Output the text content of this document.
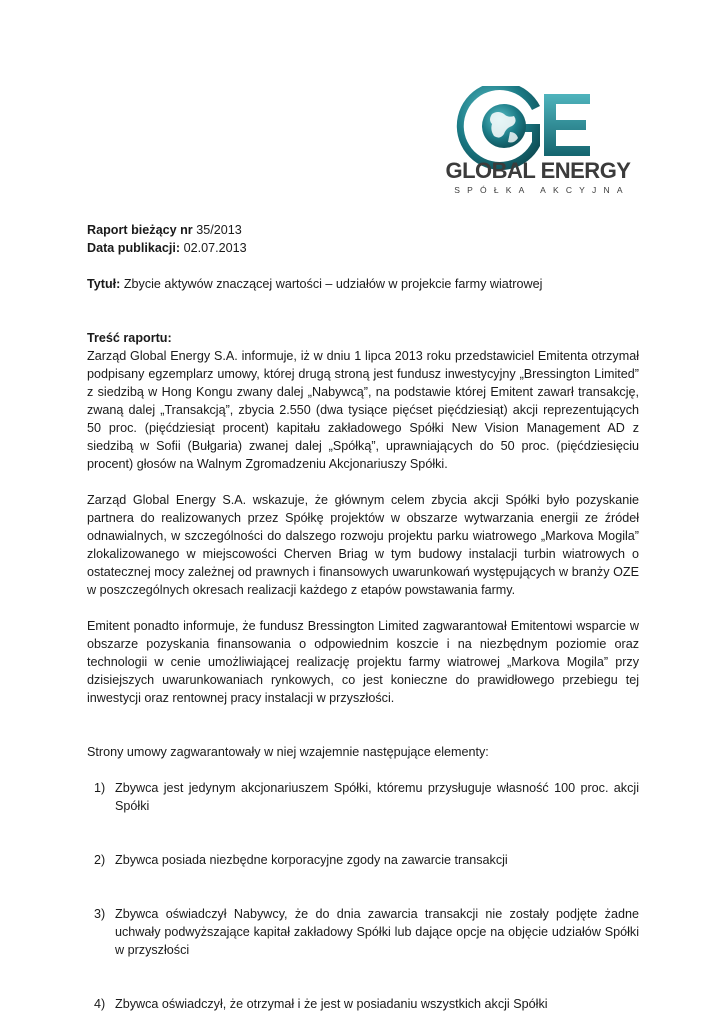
GLOBAL ENERGY
SPÓŁKA AKCYJNA
Raport bieżący nr 35/2013
Data publikacji: 02.07.2013
Tytuł: Zbycie aktywów znaczącej wartości – udziałów w projekcie farmy wiatrowej
Treść raportu:

Zarząd Global Energy S.A. informuje, iż w dniu 1 lipca 2013 roku przedstawiciel Emitenta otrzymał podpisany egzemplarz umowy, której drugą stroną jest fundusz inwestycyjny „Bressington Limited” z siedzibą w Hong Kongu zwany dalej „Nabywcą”, na podstawie której Emitent zawarł transakcję, zwaną dalej „Transakcją”, zbycia 2.550 (dwa tysiące pięćset pięćdziesiąt) akcji reprezentujących 50 proc. (pięćdziesiąt procent) kapitału zakładowego Spółki New Vision Management AD z siedzibą w Sofii (Bułgaria) zwanej dalej „Spółką”, uprawniających do 50 proc. (pięćdziesięciu procent) głosów na Walnym Zgromadzeniu Akcjonariuszy Spółki.

Zarząd Global Energy S.A. wskazuje, że głównym celem zbycia akcji Spółki było pozyskanie partnera do realizowanych przez Spółkę projektów w obszarze wytwarzania energii ze źródeł odnawialnych, w szczególności do dalszego rozwoju projektu parku wiatrowego „Markova Mogila” zlokalizowanego w miejscowości Cherven Briag w tym budowy instalacji turbin wiatrowych o ostatecznej mocy zależnej od prawnych i finansowych uwarunkowań występujących w branży OZE w poszczególnych okresach realizacji każdego z etapów powstawania farmy.

Emitent ponadto informuje, że fundusz Bressington Limited zagwarantował Emitentowi wsparcie w obszarze pozyskania finansowania o odpowiednim koszcie i na niezbędnym poziomie oraz technologii w cenie umożliwiającej realizację projektu farmy wiatrowej „Markova Mogila” przy dzisiejszych uwarunkowaniach rynkowych, co jest konieczne do prawidłowego przebiegu tej inwestycji oraz rentownej pracy instalacji w przyszłości.

Strony umowy zagwarantowały w niej wzajemnie następujące elementy:

1) Zbywca jest jedynym akcjonariuszem Spółki, któremu przysługuje własność 100 proc. akcji Spółki
2) Zbywca posiada niezbędne korporacyjne zgody na zawarcie transakcji
3) Zbywca oświadczył Nabywcy, że do dnia zawarcia transakcji nie zostały podjęte żadne uchwały podwyższające kapitał zakładowy Spółki lub dające opcje na objęcie udziałów Spółki w przyszłości
4) Zbywca oświadczył, że otrzymał i że jest w posiadaniu wszystkich akcji Spółki
